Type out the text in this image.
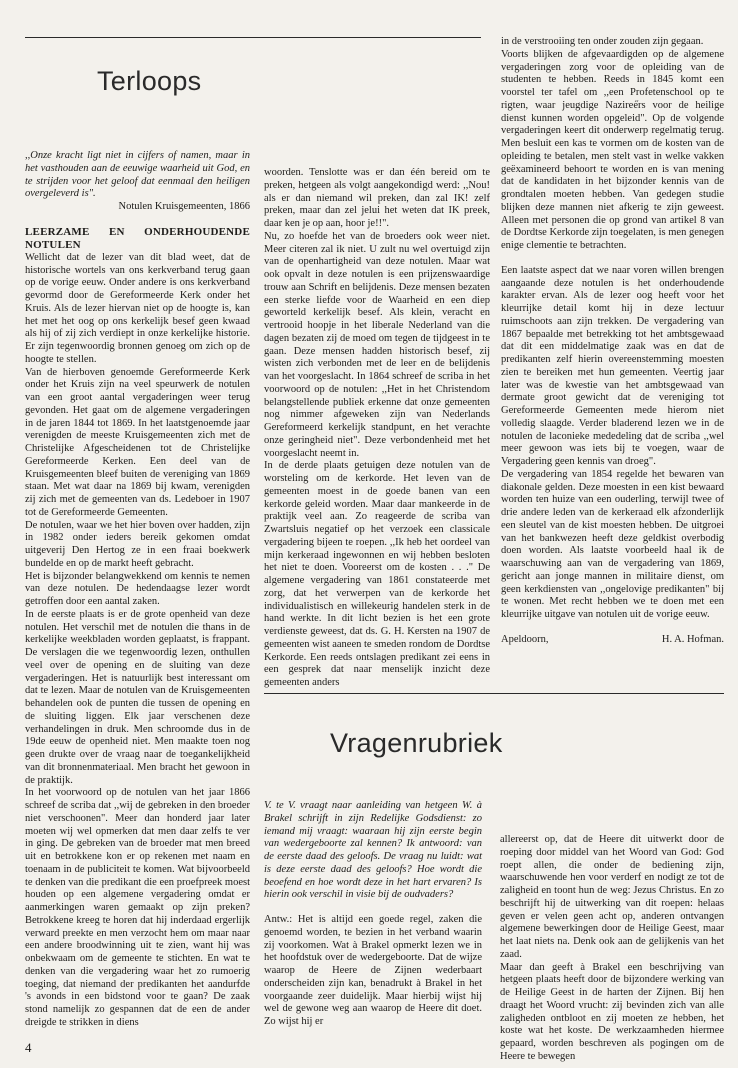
Terloops

,,Onze kracht ligt niet in cijfers of namen, maar in het vasthouden aan de eeuwige waarheid uit God, en te strijden voor het geloof dat eenmaal den heiligen overgeleverd is".

Notulen Kruisgemeenten, 1866

LEERZAME EN ONDERHOUDENDE NOTULEN

Wellicht dat de lezer van dit blad weet, dat de historische wortels van ons kerkverband terug gaan op de vorige eeuw. Onder andere is ons kerkverband gevormd door de Gereformeerde Kerk onder het Kruis. Als de lezer hiervan niet op de hoogte is, kan het met het oog op ons kerkelijk besef geen kwaad als hij of zij zich verdiept in onze kerkelijke historie. Er zijn tegenwoordig bronnen genoeg om zich op de hoogte te stellen.

Van de hierboven genoemde Gereformeerde Kerk onder het Kruis zijn na veel speurwerk de notulen van een groot aantal vergaderingen weer terug gevonden. Het gaat om de algemene vergaderingen in de jaren 1844 tot 1869. In het laatstgenoemde jaar verenigden de meeste Kruisgemeenten zich met de Christelijke Afgescheidenen tot de Christelijke Gereformeerde Kerken. Een deel van de Kruisgemeenten bleef buiten de vereniging van 1869 staan. Met wat daar na 1869 bij kwam, verenigden zij zich met de gemeenten van ds. Ledeboer in 1907 tot de Gereformeerde Gemeenten.

De notulen, waar we het hier boven over hadden, zijn in 1982 onder ieders bereik gekomen omdat uitgeverij Den Hertog ze in een fraai boekwerk bundelde en op de markt heeft gebracht.

Het is bijzonder belangwekkend om kennis te nemen van deze notulen. De hedendaagse lezer wordt getroffen door een aantal zaken.

In de eerste plaats is er de grote openheid van deze notulen. Het verschil met de notulen die thans in de kerkelijke weekbladen worden geplaatst, is frappant. De verslagen die we tegenwoordig lezen, onthullen veel over de opening en de sluiting van deze vergaderingen. Het is natuurlijk best interessant om dat te lezen. Maar de notulen van de Kruisgemeenten behandelen ook de punten die tussen de opening en de sluiting liggen. Elk jaar verschenen deze verhandelingen in druk. Men schroomde dus in de 19de eeuw de openheid niet. Men maakte toen nog geen drukte over de vraag naar de toegankelijkheid van dit bronnenmateriaal. Men bracht het gewoon in de praktijk.

In het voorwoord op de notulen van het jaar 1866 schreef de scriba dat ,,wij de gebreken in den broeder niet verschoonen". Meer dan honderd jaar later moeten wij wel opmerken dat men daar zelfs te ver in ging. De gebreken van de broeder mat men breed uit en betrokkene kon er op rekenen met naam en toenaam in de publiciteit te komen. Wat bijvoorbeeld te denken van die predikant die een proefpreek moest houden op een algemene vergadering omdat er aanmerkingen waren gemaakt op zijn preken? Betrokkene kreeg te horen dat hij inderdaad ergerlijk verward preekte en men verzocht hem om maar naar een andere broodwinning uit te zien, want hij was onbekwaam om de gemeente te stichten. En wat te denken van die vergadering waar het zo rumoerig toeging, dat niemand der predikanten het aandurfde 's avonds in een bidstond voor te gaan? De zaak stond namelijk zo gespannen dat de een de ander dreigde te strikken in diens

woorden. Tenslotte was er dan één bereid om te preken, hetgeen als volgt aangekondigd werd: ,,Nou! als er dan niemand wil preken, dan zal IK! zelf preken, maar dan zel jelui het weten dat IK preek, daar ken je op aan, hoor je!!".

Nu, zo hoefde het van de broeders ook weer niet. Meer citeren zal ik niet. U zult nu wel overtuigd zijn van de openhartigheid van deze notulen. Maar wat ook opvalt in deze notulen is een prijzenswaardige trouw aan Schrift en belijdenis. Deze mensen bezaten een sterke liefde voor de Waarheid en een diep geworteld kerkelijk besef. Als klein, veracht en vertrooid hoopje in het liberale Nederland van die dagen bezaten zij de moed om tegen de tijdgeest in te gaan. Deze mensen hadden historisch besef, zij wisten zich verbonden met de leer en de belijdenis van het voorgeslacht. In 1864 schreef de scriba in het voorwoord op de notulen: ,,Het in het Christendom belangstellende publiek erkenne dat onze gemeenten nog nimmer afgeweken zijn van Nederlands Gereformeerd kerkelijk standpunt, en het verachte onze geringheid niet". Deze verbondenheid met het voorgeslacht neemt in.

In de derde plaats getuigen deze notulen van de worsteling om de kerkorde. Het leven van de gemeenten moest in de goede banen van een kerkorde geleid worden. Maar daar mankeerde in de praktijk veel aan. Zo reageerde de scriba van Zwartsluis negatief op het verzoek een classicale vergadering bijeen te roepen. ,,Ik heb het oordeel van mijn kerkeraad ingewonnen en wij hebben besloten het niet te doen. Vooreerst om de kosten . . ." De algemene vergadering van 1861 constateerde met zorg, dat het verwerpen van de kerkorde het individualistisch en willekeurig handelen sterk in de hand werkte. In dit licht bezien is het een grote verdienste geweest, dat ds. G. H. Kersten na 1907 de gemeenten wist aaneen te smeden rondom de Dordtse Kerkorde. Een reeds ontslagen predikant zei eens in een gesprek dat naar menselijk inzicht deze gemeenten anders

in de verstrooiing ten onder zouden zijn gegaan.

Voorts blijken de afgevaardigden op de algemene vergaderingen zorg voor de opleiding van de studenten te hebben. Reeds in 1845 komt een voorstel ter tafel om ,,een Profetenschool op te rigten, waar jeugdige Naziree̋rs voor de heilige dienst kunnen worden opgeleid". Op de volgende vergaderingen keert dit onderwerp regelmatig terug. Men besluit een kas te vormen om de kosten van de opleiding te betalen, men stelt vast in welke vakken geëxamineerd behoort te worden en is van mening dat de kandidaten in het bijzonder kennis van de grondtalen moeten hebben. Van gedegen studie blijken deze mannen niet afkerig te zijn geweest. Alleen met personen die op grond van artikel 8 van de Dordtse Kerkorde zijn toegelaten, is men genegen enige clementie te betrachten.

Een laatste aspect dat we naar voren willen brengen aangaande deze notulen is het onderhoudende karakter ervan. Als de lezer oog heeft voor het kleurrijke detail komt hij in deze lectuur ruimschoots aan zijn trekken. De vergadering van 1867 bepaalde met betrekking tot het ambtsgewaad dat dit een middelmatige zaak was en dat de predikanten zelf hierin overeenstemming moesten zien te bereiken met hun gemeenten. Veertig jaar later was de kwestie van het ambtsgewaad van dermate groot gewicht dat de vereniging tot Gereformeerde Gemeenten mede hierom niet volledig slaagde. Verder bladerend lezen we in de notulen de laconieke mededeling dat de scriba ,,wel meer gewoon was iets bij te voegen, waar de Vergadering geen kennis van droeg".

De vergadering van 1854 regelde het bewaren van diakonale gelden. Deze moesten in een kist bewaard worden ten huize van een ouderling, terwijl twee of drie andere leden van de kerkeraad elk afzonderlijk een sleutel van de kist moesten hebben. De uitgroei van het bankwezen heeft deze geldkist overbodig doen worden. Als laatste voorbeeld haal ik de waarschuwing aan van de vergadering van 1869, gericht aan jonge mannen in militaire dienst, om geen kerkdiensten van ,,ongelovige predikanten" bij te wonen. Met recht hebben we te doen met een kleurrijke uitgave van notulen uit de vorige eeuw.

Apeldoorn,	H. A. Hofman.
Vragenrubriek

V. te V. vraagt naar aanleiding van hetgeen W. à Brakel schrijft in zijn Redelijke Godsdienst: zo iemand mij vraagt: waaraan hij zijn eerste begin van wedergeboorte zal kennen? Ik antwoord: van de eerste daad des geloofs. De vraag nu luidt: wat is deze eerste daad des geloofs? Hoe wordt die beoefend en hoe wordt deze in het hart ervaren? Is hierin ook verschil in visie bij de oudvaders?

Antw.: Het is altijd een goede regel, zaken die genoemd worden, te bezien in het verband waarin zij voorkomen. Wat à Brakel opmerkt lezen we in het hoofdstuk over de wedergeboorte. Dat de wijze waarop de Heere de Zijnen wederbaart onderscheiden zijn kan, benadrukt à Brakel in het voorgaande zeer duidelijk. Maar hierbij wijst hij wel de gewone weg aan waarop de Heere dit doet. Zo wijst hij er

allereerst op, dat de Heere dit uitwerkt door de roeping door middel van het Woord van God: God roept allen, die onder de bediening zijn, waarschuwende hen voor verderf en nodigt ze tot de zaligheid en toont hun de weg: Jezus Christus. En zo beschrijft hij de uitwerking van dit roepen: helaas geven er velen geen acht op, anderen ontvangen algemene bewerkingen door de Heilige Geest, maar het laat niets na. Denk ook aan de gelijkenis van het zaad.

Maar dan geeft à Brakel een beschrijving van hetgeen plaats heeft door de bijzondere werking van de Heilige Geest in de harten der Zijnen. Bij hen draagt het Woord vrucht: zij bevinden zich van alle zaligheden ontbloot en zij moeten ze hebben, het koste wat het koste. De werkzaamheden hiermee gepaard, worden beschreven als pogingen om de Heere te bewegen

4
